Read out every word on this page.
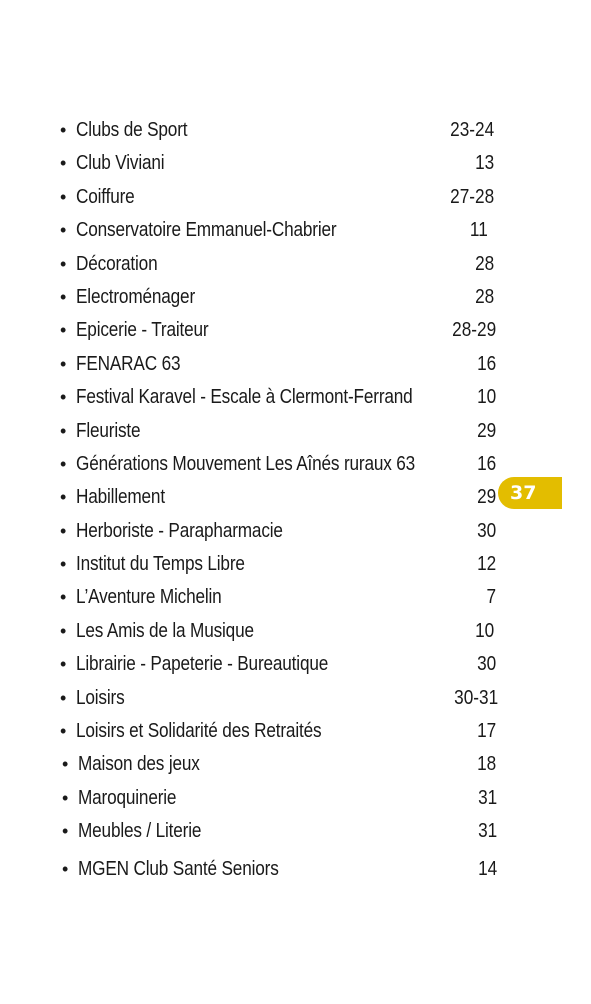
• Clubs de Sport	23-24
• Club Viviani	13
• Coiffure	27-28
• Conservatoire Emmanuel-Chabrier	11
• Décoration	28
• Electroménager	28
• Epicerie - Traiteur	28-29
• FENARAC 63	16
• Festival Karavel - Escale à Clermont-Ferrand	10
• Fleuriste	29
• Générations Mouvement Les Aînés ruraux 63	16
• Habillement	29
• Herboriste - Parapharmacie	30
• Institut du Temps Libre	12
• L’Aventure Michelin	7
• Les Amis de la Musique	10
• Librairie - Papeterie - Bureautique	30
• Loisirs	30-31
• Loisirs et Solidarité des Retraités	17
• Maison des jeux	18
• Maroquinerie	31
• Meubles / Literie	31
• MGEN Club Santé Seniors	14
37
